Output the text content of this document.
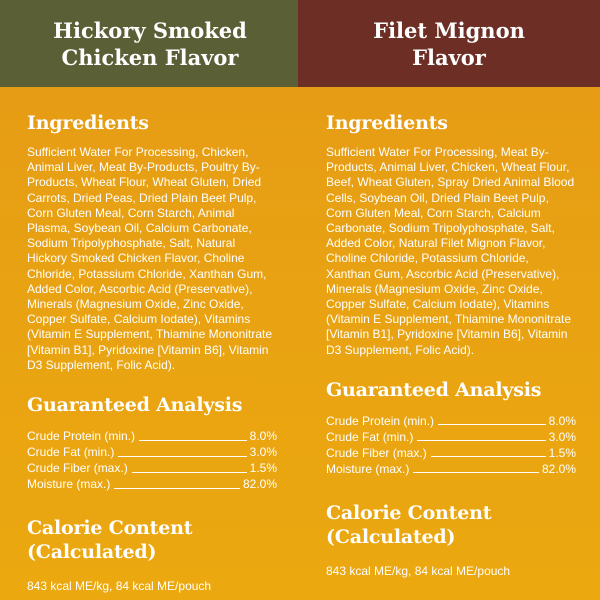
Hickory Smoked
Chicken Flavor
Ingredients
Sufficient Water For Processing, Chicken, Animal Liver, Meat By-Products, Poultry By-Products, Wheat Flour, Wheat Gluten, Dried Carrots, Dried Peas, Dried Plain Beet Pulp, Corn Gluten Meal, Corn Starch, Animal Plasma, Soybean Oil, Calcium Carbonate, Sodium Tripolyphosphate, Salt, Natural Hickory Smoked Chicken Flavor, Choline Chloride, Potassium Chloride, Xanthan Gum, Added Color, Ascorbic Acid (Preservative), Minerals (Magnesium Oxide, Zinc Oxide, Copper Sulfate, Calcium Iodate), Vitamins (Vitamin E Supplement, Thiamine Mononitrate [Vitamin B1], Pyridoxine [Vitamin B6], Vitamin D3 Supplement, Folic Acid).
Guaranteed Analysis
Crude Protein (min.)	8.0%
Crude Fat (min.)	3.0%
Crude Fiber (max.)	1.5%
Moisture (max.)	82.0%
Calorie Content
(Calculated)
843 kcal ME/kg, 84 kcal ME/pouch
Filet Mignon
Flavor
Ingredients
Sufficient Water For Processing, Meat By-Products, Animal Liver, Chicken, Wheat Flour, Beef, Wheat Gluten, Spray Dried Animal Blood Cells, Soybean Oil, Dried Plain Beet Pulp, Corn Gluten Meal, Corn Starch, Calcium Carbonate, Sodium Tripolyphosphate, Salt, Added Color, Natural Filet Mignon Flavor, Choline Chloride, Potassium Chloride, Xanthan Gum, Ascorbic Acid (Preservative), Minerals (Magnesium Oxide, Zinc Oxide, Copper Sulfate, Calcium Iodate), Vitamins (Vitamin E Supplement, Thiamine Mononitrate [Vitamin B1], Pyridoxine [Vitamin B6], Vitamin D3 Supplement, Folic Acid).
Guaranteed Analysis
Crude Protein (min.)	8.0%
Crude Fat (min.)	3.0%
Crude Fiber (max.)	1.5%
Moisture (max.)	82.0%
Calorie Content
(Calculated)
843 kcal ME/kg, 84 kcal ME/pouch
